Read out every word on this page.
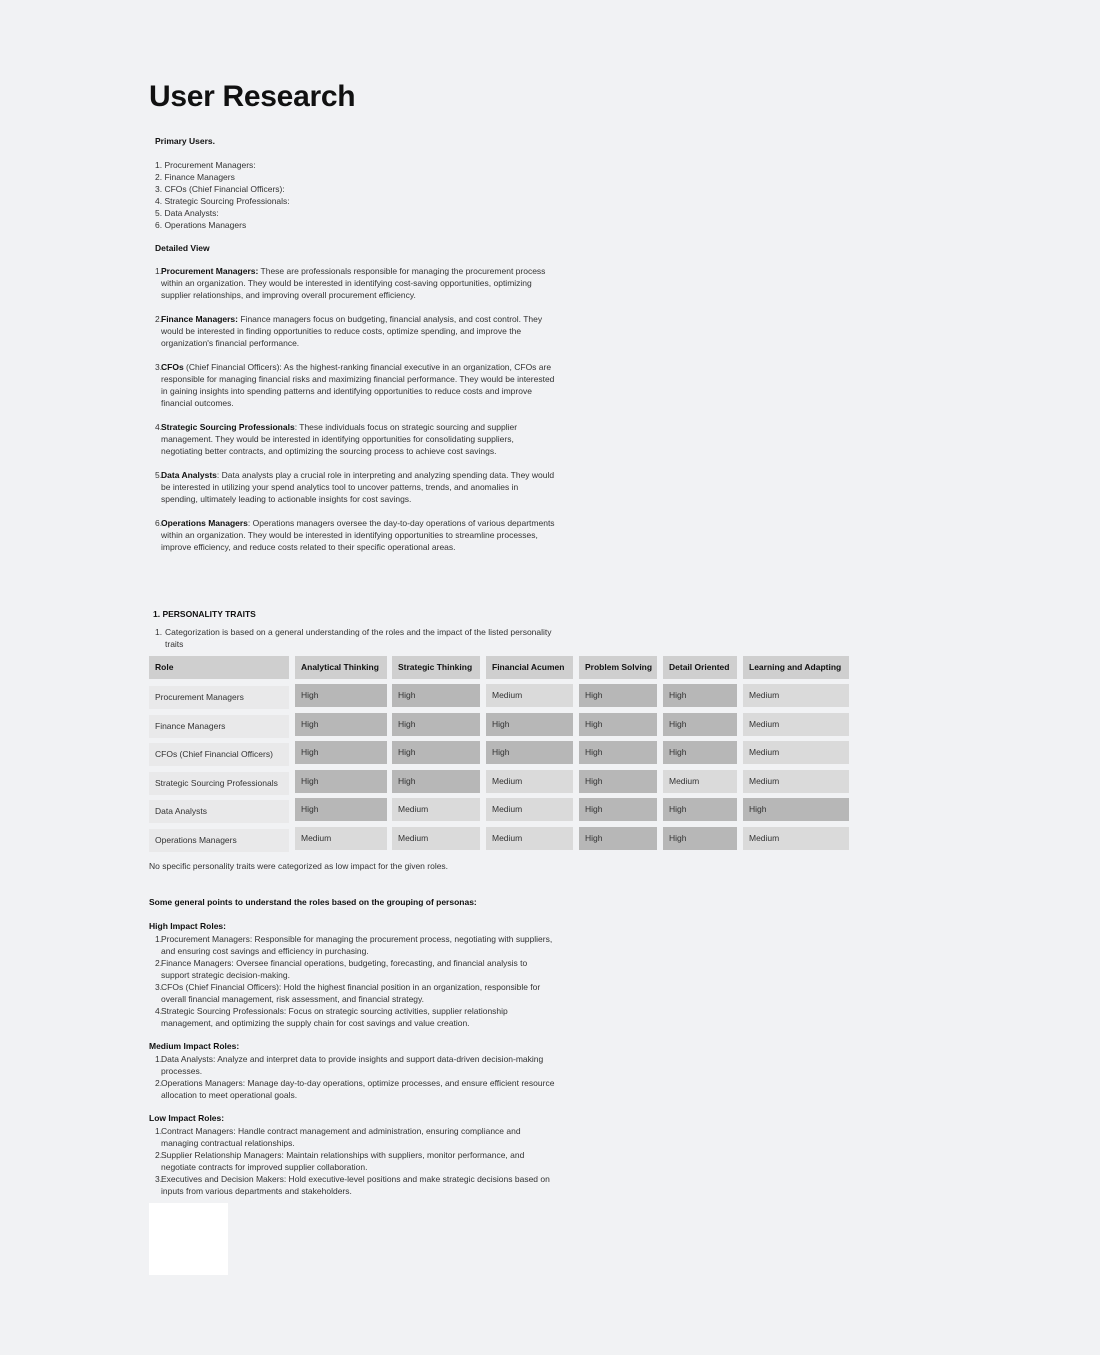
User Research
Primary Users.
1. Procurement Managers:
2. Finance Managers
3. CFOs (Chief Financial Officers):
4. Strategic Sourcing Professionals:
5. Data Analysts:
6. Operations Managers
Detailed View
1.
Procurement Managers: These are professionals responsible for managing the procurement process within an organization. They would be interested in identifying cost-saving opportunities, optimizing supplier relationships, and improving overall procurement efficiency.
2.
Finance Managers: Finance managers focus on budgeting, financial analysis, and cost control. They would be interested in finding opportunities to reduce costs, optimize spending, and improve the organization's financial performance.
3.
CFOs (Chief Financial Officers): As the highest-ranking financial executive in an organization, CFOs are responsible for managing financial risks and maximizing financial performance. They would be interested in gaining insights into spending patterns and identifying opportunities to reduce costs and improve financial outcomes.
4.
Strategic Sourcing Professionals: These individuals focus on strategic sourcing and supplier management. They would be interested in identifying opportunities for consolidating suppliers, negotiating better contracts, and optimizing the sourcing process to achieve cost savings.
5.
Data Analysts: Data analysts play a crucial role in interpreting and analyzing spending data. They would be interested in utilizing your spend analytics tool to uncover patterns, trends, and anomalies in spending, ultimately leading to actionable insights for cost savings.
6.
Operations Managers: Operations managers oversee the day-to-day operations of various departments within an organization. They would be interested in identifying opportunities to streamline processes, improve efficiency, and reduce costs related to their specific operational areas.
1. PERSONALITY TRAITS
1. Categorization is based on a general understanding of the roles and the impact of the listed personality traits
Role	Analytical Thinking	Strategic Thinking	Financial Acumen	Problem Solving	Detail Oriented	Learning and Adapting
Procurement Managers	High	High	Medium	High	High	Medium
Finance Managers	High	High	High	High	High	Medium
CFOs (Chief Financial Officers)	High	High	High	High	High	Medium
Strategic Sourcing Professionals	High	High	Medium	High	Medium	Medium
Data Analysts	High	Medium	Medium	High	High	High
Operations Managers	Medium	Medium	Medium	High	High	Medium
No specific personality traits were categorized as low impact for the given roles.
Some general points to understand the roles based on the grouping of personas:
High Impact Roles:
1.
Procurement Managers: Responsible for managing the procurement process, negotiating with suppliers, and ensuring cost savings and efficiency in purchasing.
2.
Finance Managers: Oversee financial operations, budgeting, forecasting, and financial analysis to support strategic decision-making.
3.
CFOs (Chief Financial Officers): Hold the highest financial position in an organization, responsible for overall financial management, risk assessment, and financial strategy.
4.
Strategic Sourcing Professionals: Focus on strategic sourcing activities, supplier relationship management, and optimizing the supply chain for cost savings and value creation.
Medium Impact Roles:
1.
Data Analysts: Analyze and interpret data to provide insights and support data-driven decision-making processes.
2.
Operations Managers: Manage day-to-day operations, optimize processes, and ensure efficient resource allocation to meet operational goals.
Low Impact Roles:
1.
Contract Managers: Handle contract management and administration, ensuring compliance and managing contractual relationships.
2.
Supplier Relationship Managers: Maintain relationships with suppliers, monitor performance, and negotiate contracts for improved supplier collaboration.
3.
Executives and Decision Makers: Hold executive-level positions and make strategic decisions based on inputs from various departments and stakeholders.
